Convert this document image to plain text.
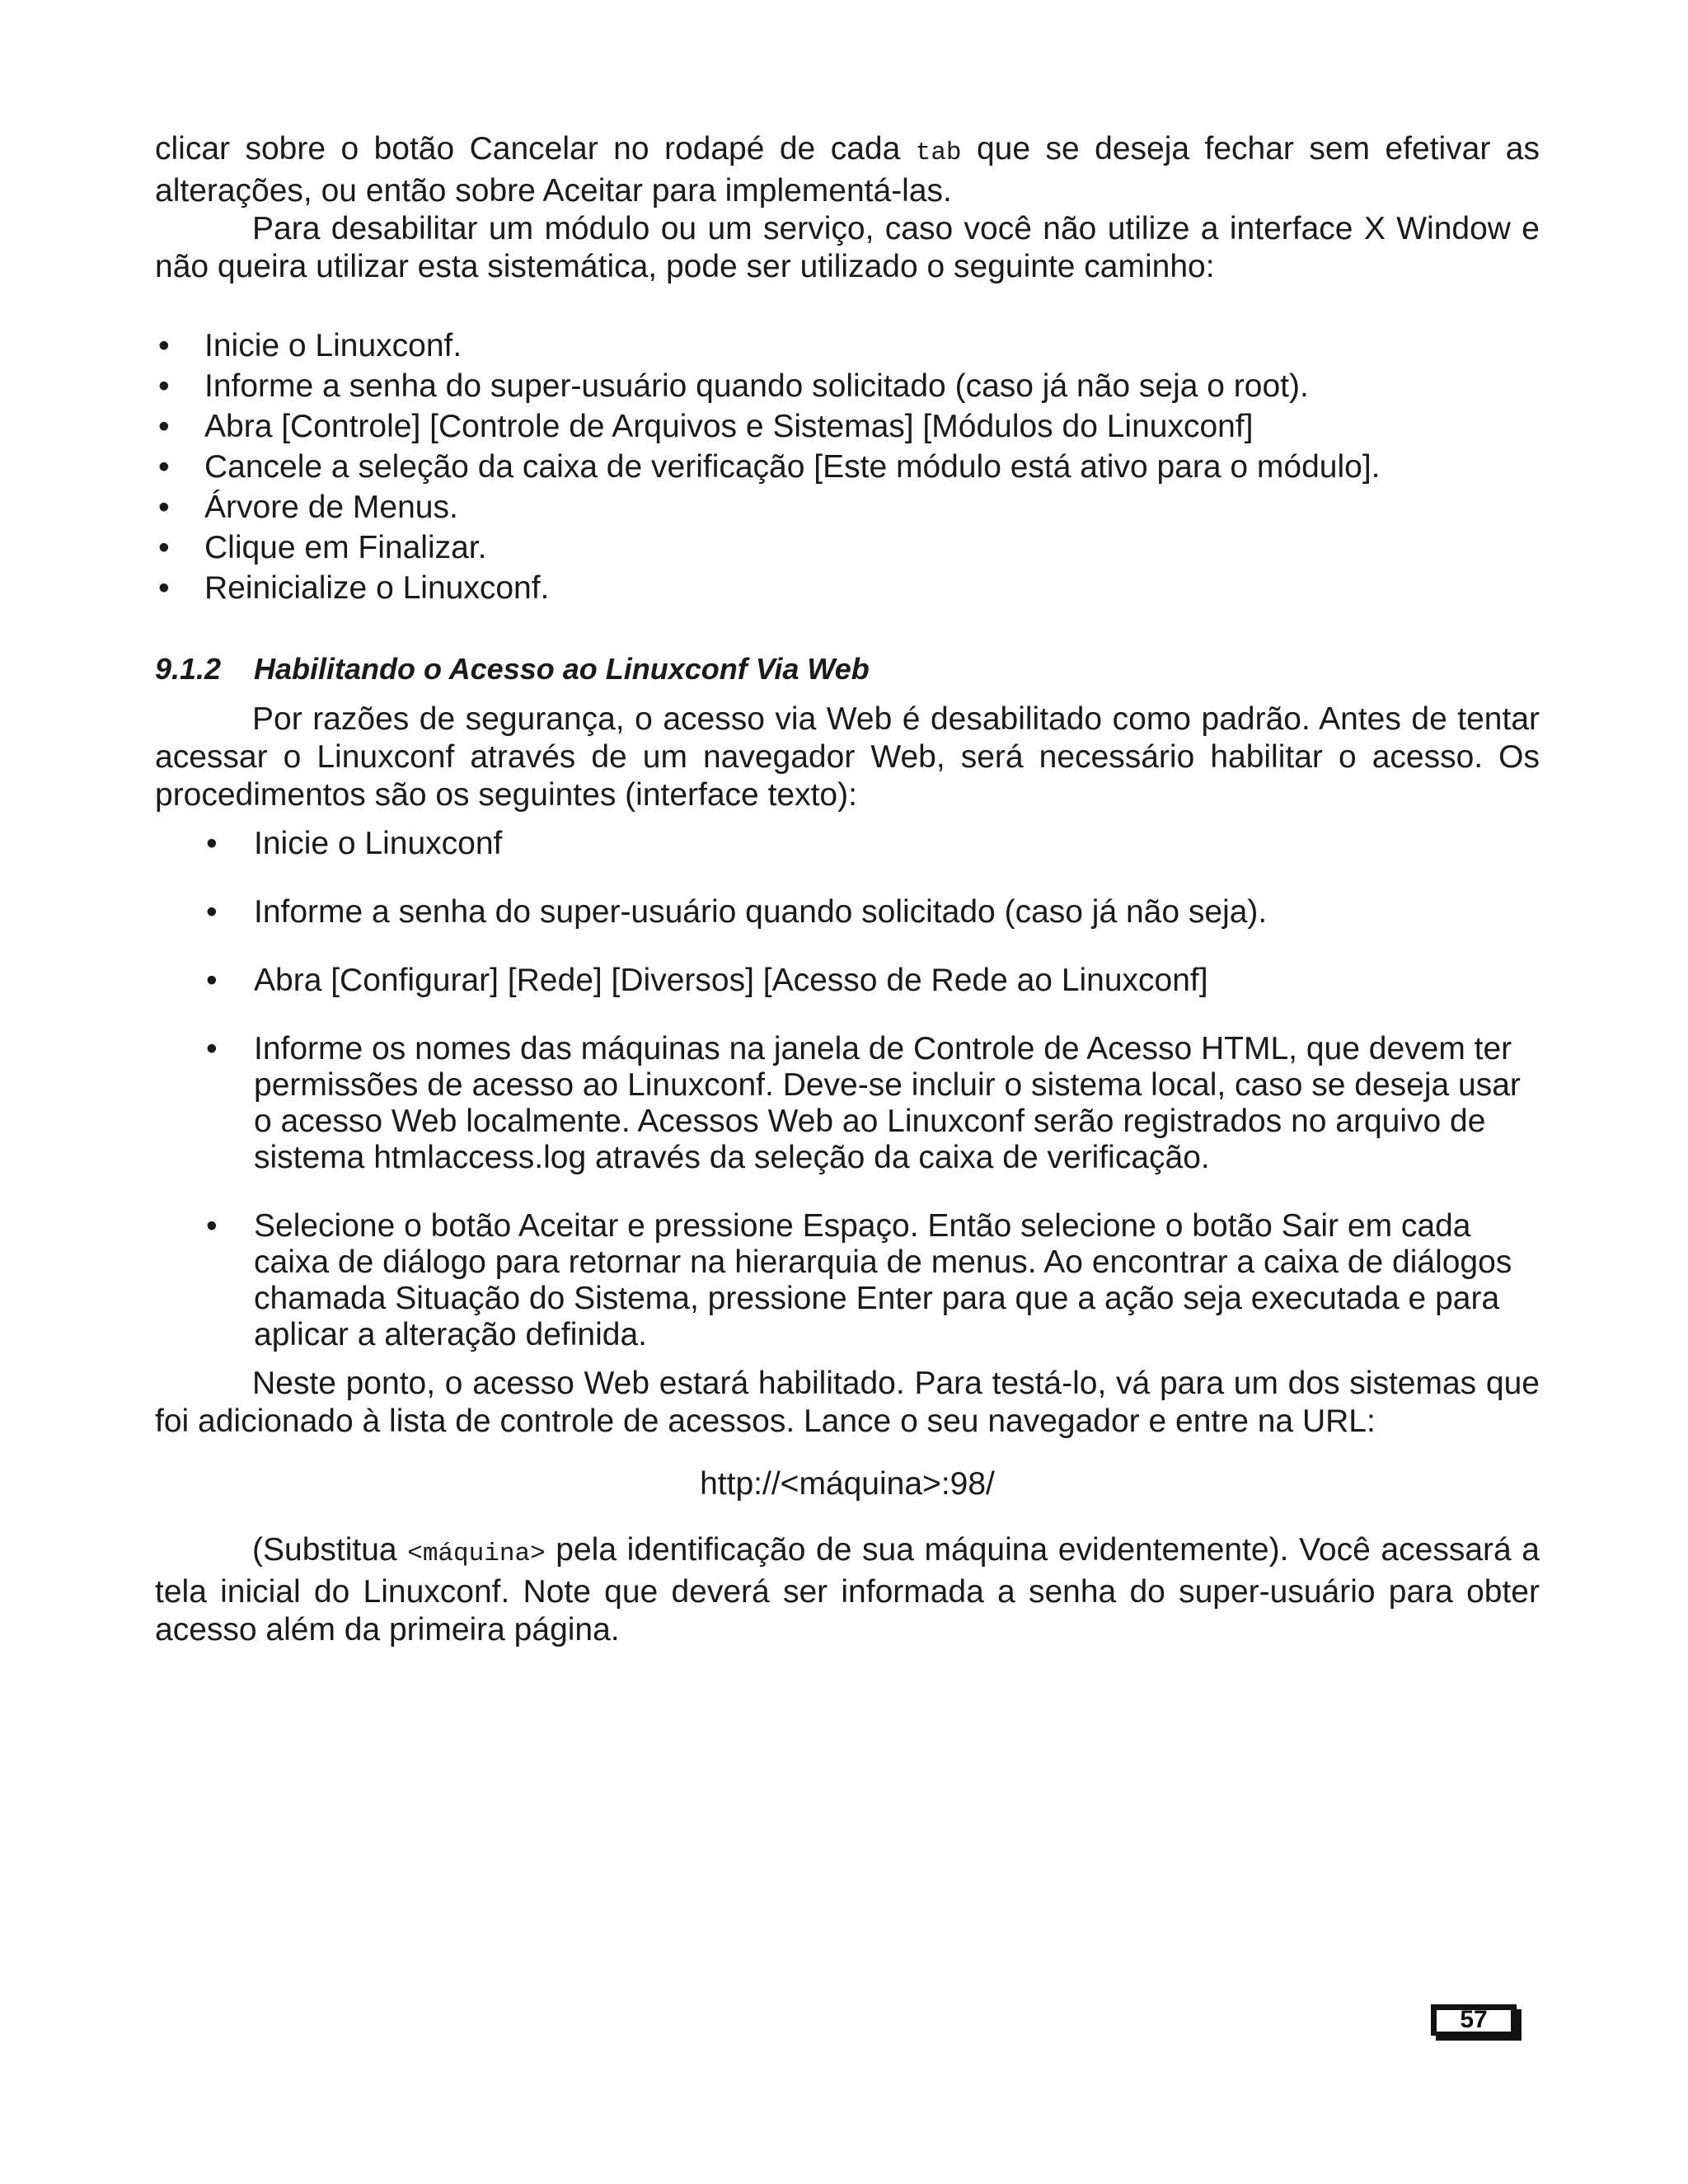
clicar sobre o botão Cancelar no rodapé de cada tab que se deseja fechar sem efetivar as alterações, ou então sobre Aceitar para implementá-las.

Para desabilitar um módulo ou um serviço, caso você não utilize a interface X Window e não queira utilizar esta sistemática, pode ser utilizado o seguinte caminho:

• Inicie o Linuxconf.
• Informe a senha do super-usuário quando solicitado (caso já não seja o root).
• Abra [Controle] [Controle de Arquivos e Sistemas] [Módulos do Linuxconf]
• Cancele a seleção da caixa de verificação [Este módulo está ativo para o módulo].
• Árvore de Menus.
• Clique em Finalizar.
• Reinicialize o Linuxconf.
9.1.2 Habilitando o Acesso ao Linuxconf Via Web

Por razões de segurança, o acesso via Web é desabilitado como padrão. Antes de tentar acessar o Linuxconf através de um navegador Web, será necessário habilitar o acesso. Os procedimentos são os seguintes (interface texto):

• Inicie o Linuxconf
• Informe a senha do super-usuário quando solicitado (caso já não seja).
• Abra [Configurar] [Rede] [Diversos] [Acesso de Rede ao Linuxconf]
• Informe os nomes das máquinas na janela de Controle de Acesso HTML, que devem ter permissões de acesso ao Linuxconf. Deve-se incluir o sistema local, caso se deseja usar o acesso Web localmente. Acessos Web ao Linuxconf serão registrados no arquivo de sistema htmlaccess.log através da seleção da caixa de verificação.
• Selecione o botão Aceitar e pressione Espaço. Então selecione o botão Sair em cada caixa de diálogo para retornar na hierarquia de menus. Ao encontrar a caixa de diálogos chamada Situação do Sistema, pressione Enter para que a ação seja executada e para aplicar a alteração definida.

Neste ponto, o acesso Web estará habilitado. Para testá-lo, vá para um dos sistemas que foi adicionado à lista de controle de acessos. Lance o seu navegador e entre na URL:

http://<máquina>:98/

(Substitua <máquina> pela identificação de sua máquina evidentemente). Você acessará a tela inicial do Linuxconf. Note que deverá ser informada a senha do super-usuário para obter acesso além da primeira página.

57
